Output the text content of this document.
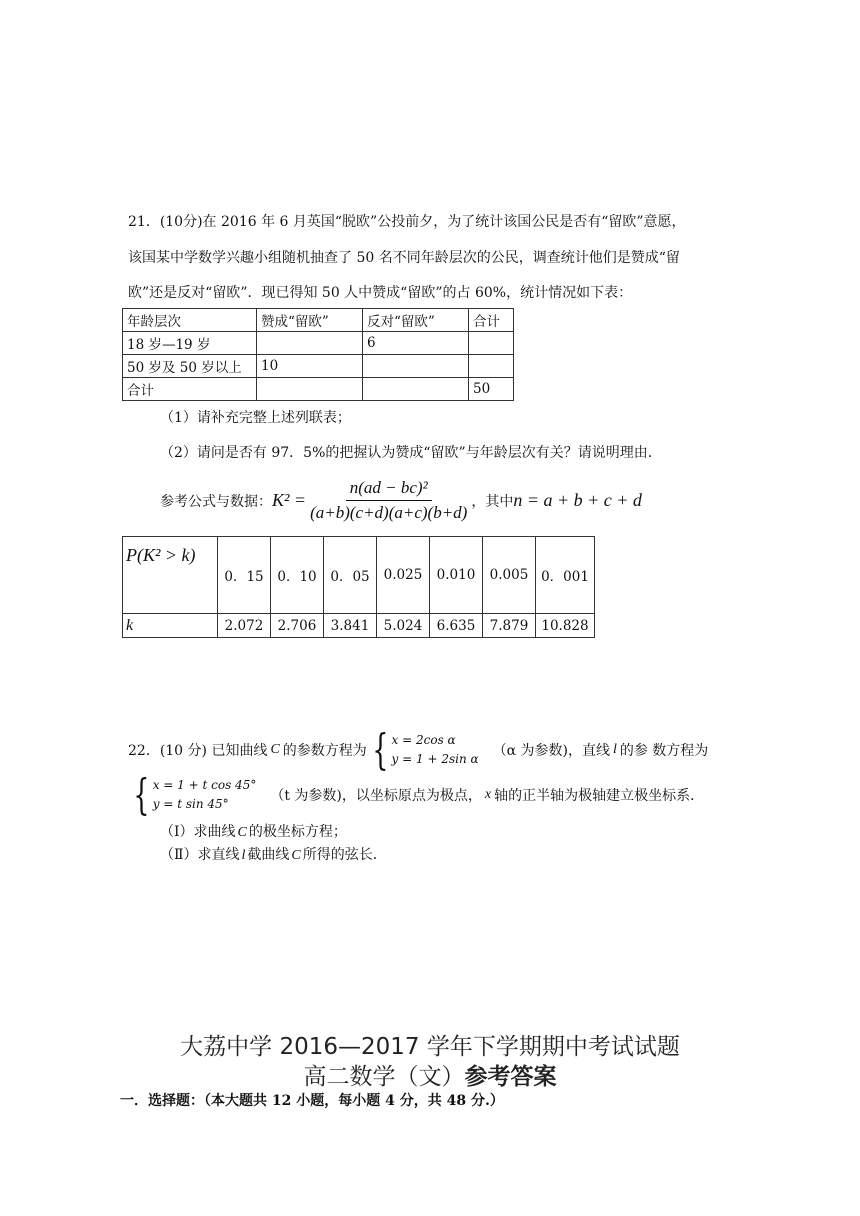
21．(10分)在 2016 年 6 月英国“脱欧”公投前夕，为了统计该国公民是否有“留欧”意愿，
该国某中学数学兴趣小组随机抽查了 50 名不同年龄层次的公民，调查统计他们是赞成“留
欧”还是反对“留欧”．现已得知 50 人中赞成“留欧”的占 60%，统计情况如下表：
年龄层次	赞成“留欧”	反对“留欧”	合计
18 岁—19 岁		6	
50 岁及 50 岁以上	10		
合计			50
（1）请补充完整上述列联表；
（2）请问是否有 97．5%的把握认为赞成“留欧”与年龄层次有关？请说明理由．
参考公式与数据： $K^2 = \frac{\text{n(ad − bc)²}}{(a+b)(c+d)(a+c)(b+d)}$ ，其中 n = a + b + c + d
P(K² > k)	0．15	0．10	0．05	0.025	0.010	0.005	0．001
k	2.072	2.706	3.841	5.024	6.635	7.879	10.828
22．(10 分) 已知曲线 C 的参数方程为 { x = 2cos α
y = 1 + 2sin α （α 为参数)，直线 l 的参 数方程为
{ x = 1 + t cos 45°
y = t sin 45°	（t 为参数)，以坐标原点为极点， x 轴的正半轴为极轴建立极坐标系．
（Ⅰ）求曲线 C 的极坐标方程；
（Ⅱ）求直线 l 截曲线 C 所得的弦长．
大荔中学 2016—2017 学年下学期期中考试试题
高二数学（文）参考答案
一．选择题：（本大题共 12 小题，每小题 4 分，共 48 分.）
